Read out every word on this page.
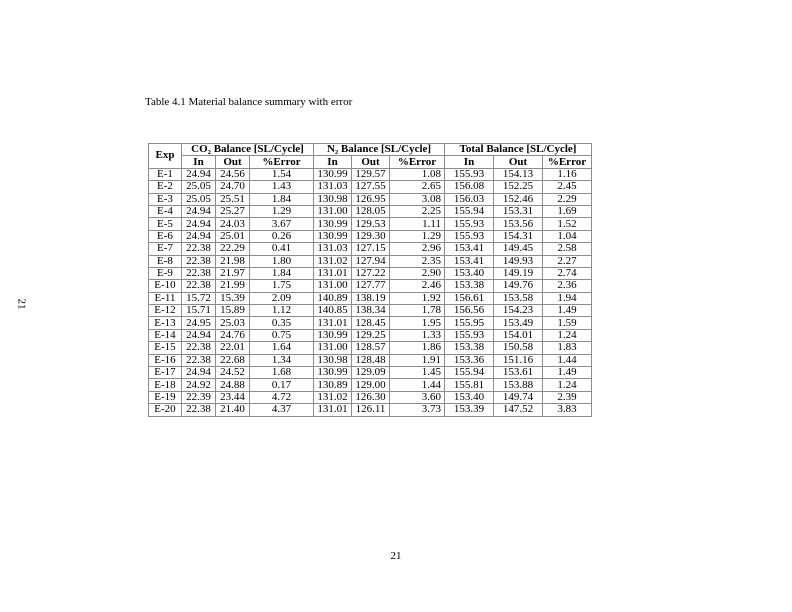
Table 4.1 Material balance summary with error
21
Exp	CO₂ Balance [SL/Cycle]			N₂ Balance [SL/Cycle]			Total Balance [SL/Cycle]		
	In	Out	%Error	In	Out	%Error	In	Out	%Error
E-1	24.94	24.56	1.54	130.99	129.57	1.08	155.93	154.13	1.16
E-2	25.05	24.70	1.43	131.03	127.55	2.65	156.08	152.25	2.45
E-3	25.05	25.51	1.84	130.98	126.95	3.08	156.03	152.46	2.29
E-4	24.94	25.27	1.29	131.00	128.05	2.25	155.94	153.31	1.69
E-5	24.94	24.03	3.67	130.99	129.53	1.11	155.93	153.56	1.52
E-6	24.94	25.01	0.26	130.99	129.30	1.29	155.93	154.31	1.04
E-7	22.38	22.29	0.41	131.03	127.15	2.96	153.41	149.45	2.58
E-8	22.38	21.98	1.80	131.02	127.94	2.35	153.41	149.93	2.27
E-9	22.38	21.97	1.84	131.01	127.22	2.90	153.40	149.19	2.74
E-10	22.38	21.99	1.75	131.00	127.77	2.46	153.38	149.76	2.36
E-11	15.72	15.39	2.09	140.89	138.19	1.92	156.61	153.58	1.94
E-12	15.71	15.89	1.12	140.85	138.34	1.78	156.56	154.23	1.49
E-13	24.95	25.03	0.35	131.01	128.45	1.95	155.95	153.49	1.59
E-14	24.94	24.76	0.75	130.99	129.25	1.33	155.93	154.01	1.24
E-15	22.38	22.01	1.64	131.00	128.57	1.86	153.38	150.58	1.83
E-16	22.38	22.68	1.34	130.98	128.48	1.91	153.36	151.16	1.44
E-17	24.94	24.52	1.68	130.99	129.09	1.45	155.94	153.61	1.49
E-18	24.92	24.88	0.17	130.89	129.00	1.44	155.81	153.88	1.24
E-19	22.39	23.44	4.72	131.02	126.30	3.60	153.40	149.74	2.39
E-20	22.38	21.40	4.37	131.01	126.11	3.73	153.39	147.52	3.83
21
